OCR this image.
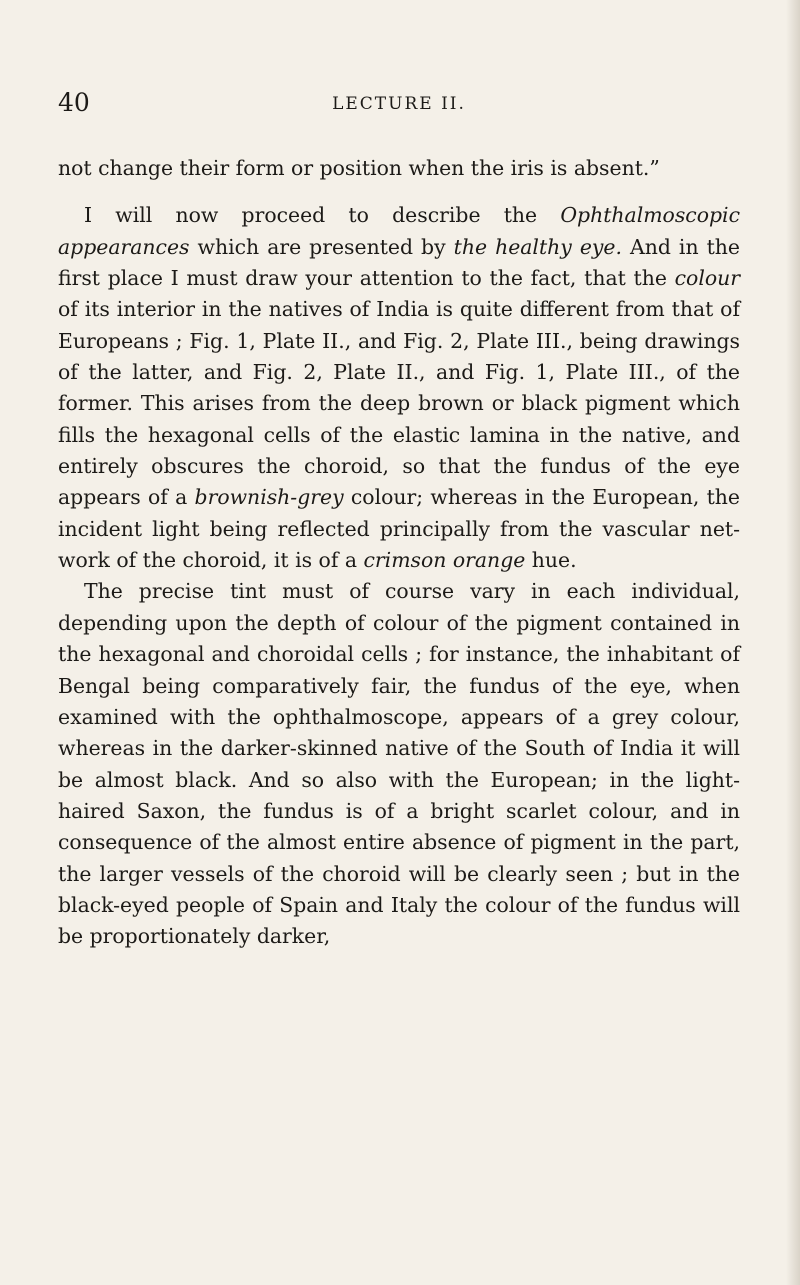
40	LECTURE II.

not change their form or position when the iris is absent.”

I will now proceed to describe the Ophthalmoscopic appearances which are presented by the healthy eye. And in the first place I must draw your attention to the fact, that the colour of its interior in the natives of India is quite different from that of Europeans ; Fig. 1, Plate II., and Fig. 2, Plate III., being drawings of the latter, and Fig. 2, Plate II., and Fig. 1, Plate III., of the former. This arises from the deep brown or black pigment which fills the hexagonal cells of the elastic lamina in the native, and entirely obscures the choroid, so that the fundus of the eye appears of a brownish-grey colour; whereas in the European, the incident light being reflected principally from the vascular net-work of the choroid, it is of a crimson orange hue.

The precise tint must of course vary in each individual, depending upon the depth of colour of the pigment contained in the hexagonal and choroidal cells ; for instance, the inhabitant of Bengal being comparatively fair, the fundus of the eye, when examined with the ophthalmoscope, appears of a grey colour, whereas in the darker-skinned native of the South of India it will be almost black. And so also with the European; in the light-haired Saxon, the fundus is of a bright scarlet colour, and in consequence of the almost entire absence of pigment in the part, the larger vessels of the choroid will be clearly seen ; but in the black-eyed people of Spain and Italy the colour of the fundus will be proportionately darker,
